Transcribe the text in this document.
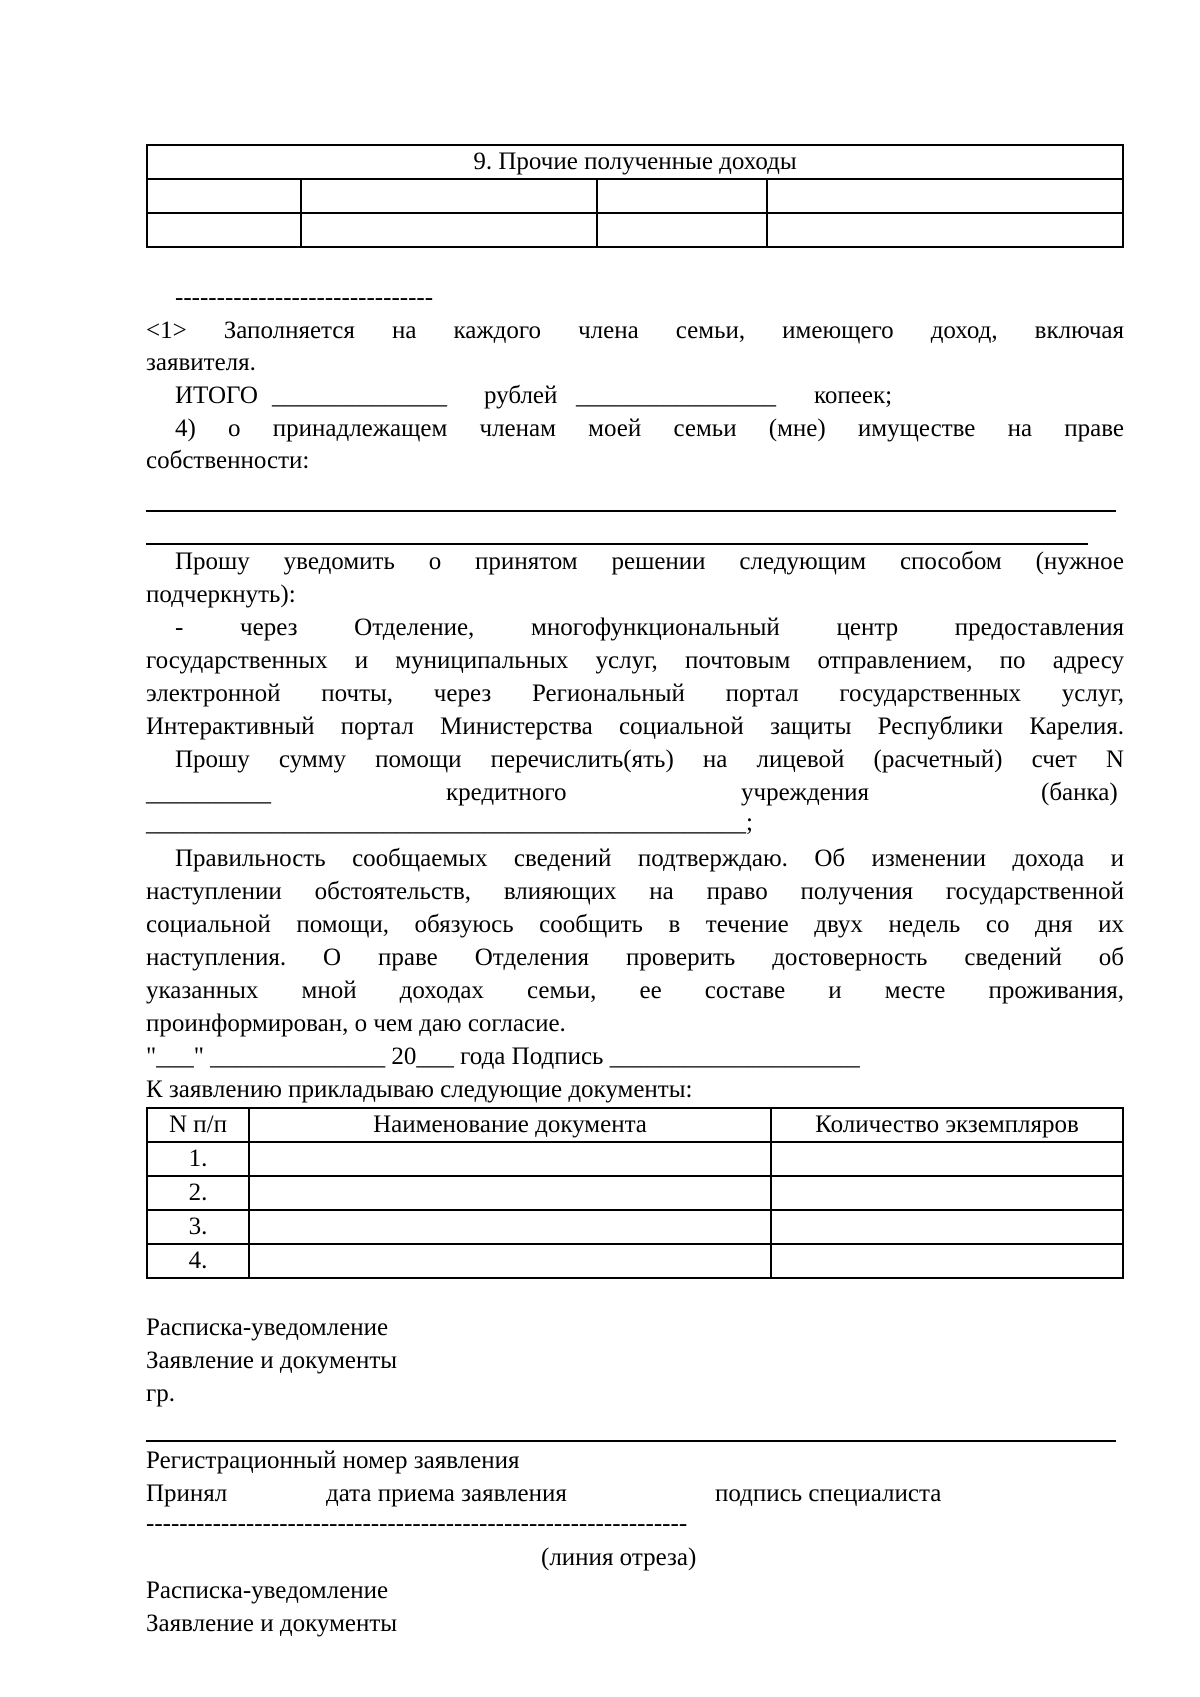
9. Прочие полученные доходы			

-------------------------------
<1> Заполняется на каждого члена семьи, имеющего доход, включая
заявителя.
ИТОГО ______________ рублей ________________ копеек;
4) о принадлежащем членам моей семьи (мне) имуществе на праве
собственности:
Прошу уведомить о принятом решении следующим способом (нужное
подчеркнуть):
- через Отделение, многофункциональный центр предоставления
государственных и муниципальных услуг, почтовым отправлением, по адресу
электронной почты, через Региональный портал государственных услуг,
Интерактивный портал Министерства социальной защиты Республики Карелия.
Прошу сумму помощи перечислить(ять) на лицевой (расчетный) счет N
__________	кредитного	учреждения	(банка)
________________________________________________;
Правильность сообщаемых сведений подтверждаю. Об изменении дохода и
наступлении обстоятельств, влияющих на право получения государственной
социальной помощи, обязуюсь сообщить в течение двух недель со дня их
наступления. О праве Отделения проверить достоверность сведений об
указанных мной доходах семьи, ее составе и месте проживания,
проинформирован, о чем даю согласие.
"___" ______________ 20___ года Подпись ____________________
К заявлению прикладываю следующие документы:
N п/п	Наименование документа	Количество экземпляров
1.		
2.		
3.		
4.		
Расписка-уведомление
Заявление и документы
гр.
Регистрационный номер заявления
Принял	дата приема заявления	подпись специалиста
-----------------------------------------------------------------
(линия отреза)
Расписка-уведомление
Заявление и документы
